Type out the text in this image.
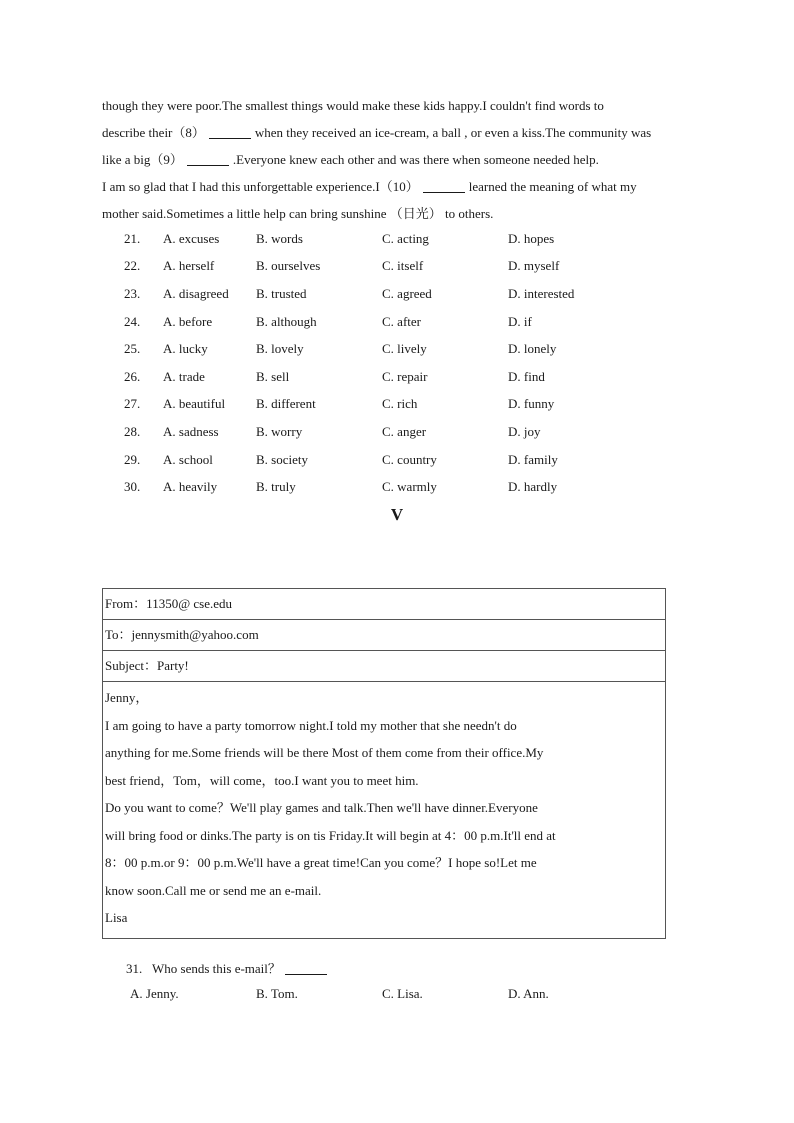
though they were poor.The smallest things would make these kids happy.I couldn't find words to

describe their（8）	when they received an ice-cream, a ball , or even a kiss.The community was

like a big（9）	.Everyone knew each other and was there when someone needed help.

I am so glad that I had this unforgettable experience.I（10）	learned the meaning of what my

mother said.Sometimes a little help can bring sunshine （日光） to others.

21.	A. excuses	B. words	C. acting	D. hopes
22.	A. herself	B. ourselves	C. itself	D. myself
23.	A. disagreed	B. trusted	C. agreed	D. interested
24.	A. before	B. although	C. after	D. if
25.	A. lucky	B. lovely	C. lively	D. lonely
26.	A. trade	B. sell	C. repair	D. find
27.	A. beautiful	B. different	C. rich	D. funny
28.	A. sadness	B. worry	C. anger	D. joy
29.	A. school	B. society	C. country	D. family
30.	A. heavily	B. truly	C. warmly	D. hardly
V
From：11350@ cse.edu
To：jennysmith@yahoo.com
Subject：Party!

Jenny，

I am going to have a party tomorrow night.I told my mother that she needn't do

anything for me.Some friends will be there Most of them come from their office.My

best friend，Tom，will come，too.I want you to meet him.

Do you want to come？We'll play games and talk.Then we'll have dinner.Everyone

will bring food or dinks.The party is on tis Friday.It will begin at 4：00 p.m.It'll end at

8：00 p.m.or 9：00 p.m.We'll have a great time!Can you come？I hope so!Let me

know soon.Call me or send me an e-mail.

Lisa

31.   Who sends this e-mail？
A. Jenny.	B. Tom.	C. Lisa.	D. Ann.
